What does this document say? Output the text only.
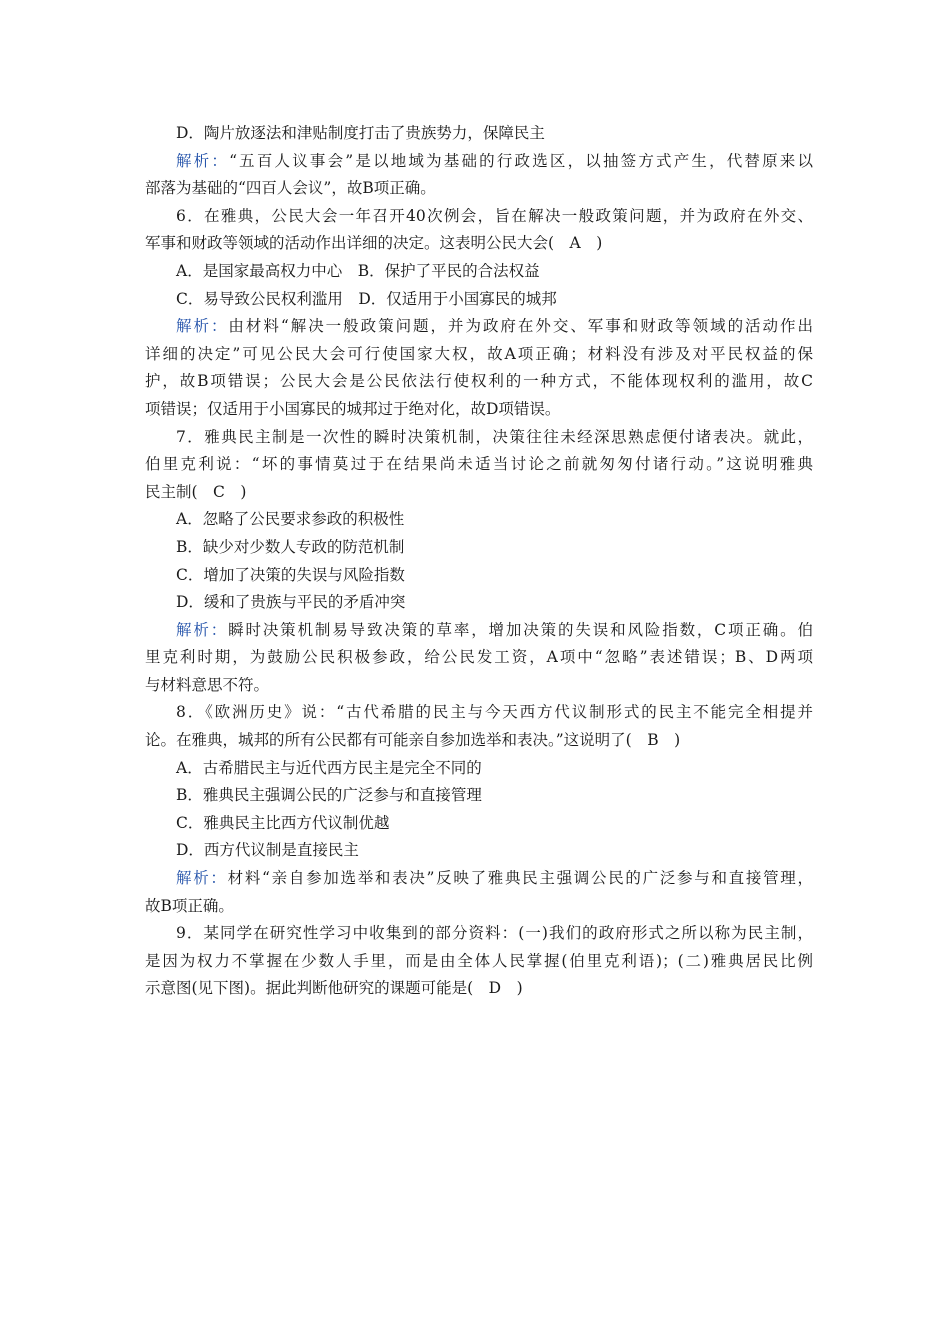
D．陶片放逐法和津贴制度打击了贵族势力，保障民主
解析：“五百人议事会”是以地域为基础的行政选区，以抽签方式产生，代替原来以
部落为基础的“四百人会议”，故B项正确。
6．在雅典，公民大会一年召开40次例会，旨在解决一般政策问题，并为政府在外交、
军事和财政等领域的活动作出详细的决定。这表明公民大会(　A　)
A．是国家最高权力中心　B．保护了平民的合法权益
C．易导致公民权利滥用　D．仅适用于小国寡民的城邦
解析：由材料“解决一般政策问题，并为政府在外交、军事和财政等领域的活动作出
详细的决定”可见公民大会可行使国家大权，故A项正确；材料没有涉及对平民权益的保
护，故B项错误；公民大会是公民依法行使权利的一种方式，不能体现权利的滥用，故C
项错误；仅适用于小国寡民的城邦过于绝对化，故D项错误。
7．雅典民主制是一次性的瞬时决策机制，决策往往未经深思熟虑便付诸表决。就此，
伯里克利说：“坏的事情莫过于在结果尚未适当讨论之前就匆匆付诸行动。”这说明雅典
民主制(　C　)
A．忽略了公民要求参政的积极性
B．缺少对少数人专政的防范机制
C．增加了决策的失误与风险指数
D．缓和了贵族与平民的矛盾冲突
解析：瞬时决策机制易导致决策的草率，增加决策的失误和风险指数，C项正确。伯
里克利时期，为鼓励公民积极参政，给公民发工资，A项中“忽略”表述错误；B、D两项
与材料意思不符。
8．《欧洲历史》说：“古代希腊的民主与今天西方代议制形式的民主不能完全相提并
论。在雅典，城邦的所有公民都有可能亲自参加选举和表决。”这说明了(　B　)
A．古希腊民主与近代西方民主是完全不同的
B．雅典民主强调公民的广泛参与和直接管理
C．雅典民主比西方代议制优越
D．西方代议制是直接民主
解析：材料“亲自参加选举和表决”反映了雅典民主强调公民的广泛参与和直接管理，
故B项正确。
9．某同学在研究性学习中收集到的部分资料：(一)我们的政府形式之所以称为民主制，
是因为权力不掌握在少数人手里，而是由全体人民掌握(伯里克利语)；(二)雅典居民比例
示意图(见下图)。据此判断他研究的课题可能是(　D　)
